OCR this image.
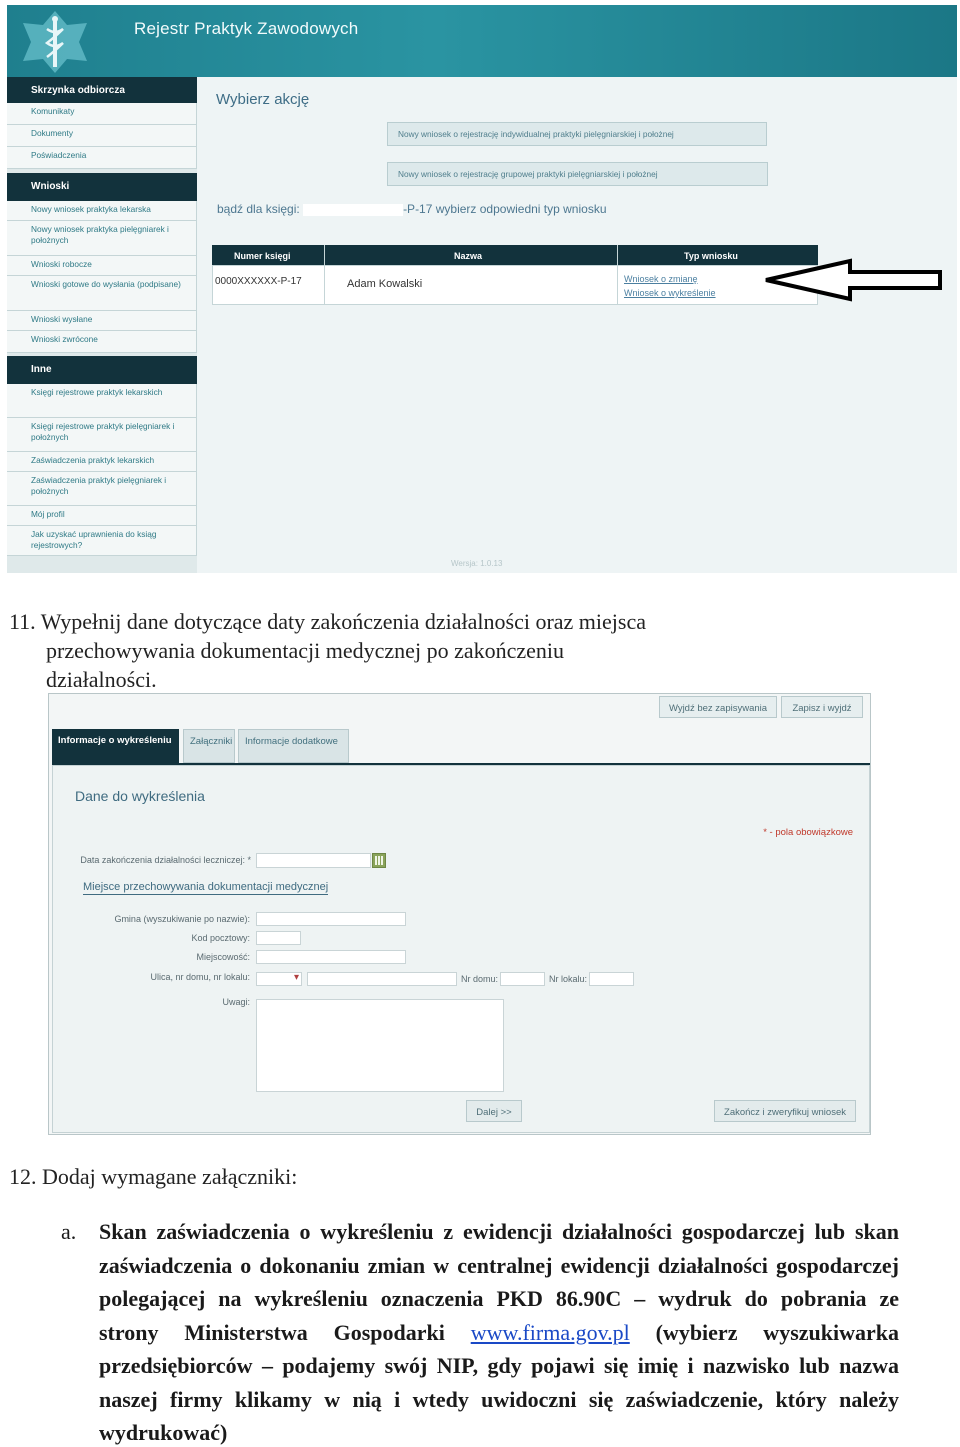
Rejestr Praktyk Zawodowych
Skrzynka odbiorcza
Komunikaty
Dokumenty
Poświadczenia
Wnioski
Nowy wniosek praktyka lekarska
Nowy wniosek praktyka pielęgniarek i położnych
Wnioski robocze
Wnioski gotowe do wysłania (podpisane)
Wnioski wysłane
Wnioski zwrócone
Inne
Księgi rejestrowe praktyk lekarskich
Księgi rejestrowe praktyk pielęgniarek i położnych
Zaświadczenia praktyk lekarskich
Zaświadczenia praktyk pielęgniarek i położnych
Mój profil
Jak uzyskać uprawnienia do ksiąg rejestrowych?
Wybierz akcję
Nowy wniosek o rejestrację indywidualnej praktyki pielęgniarskiej i położnej
Nowy wniosek o rejestrację grupowej praktyki pielęgniarskiej i położnej
bądź dla księgi:	-P-17 wybierz odpowiedni typ wniosku
Numer księgi	Nazwa	Typ wniosku
0000XXXXXX-P-17	Adam Kowalski	Wniosek o zmianę
Wniosek o wykreślenie
Wersja: 1.0.13
11. Wypełnij dane dotyczące daty zakończenia działalności oraz miejsca
przechowywania dokumentacji medycznej po zakończeniu
działalności.
Wyjdź bez zapisywania	Zapisz i wyjdź
Informacje o wykreśleniu	Załączniki	Informacje dodatkowe
Dane do wykreślenia
* - pola obowiązkowe
Data zakończenia działalności leczniczej: *
Miejsce przechowywania dokumentacji medycznej
Gmina (wyszukiwanie po nazwie):
Kod pocztowy:
Miejscowość:
Ulica, nr domu, nr lokalu:
▾	Nr domu:	Nr lokalu:
Uwagi:
Dalej >>	Zakończ i zweryfikuj wniosek
12. Dodaj wymagane załączniki:
a. Skan zaświadczenia o wykreśleniu z ewidencji działalności gospodarczej lub skan zaświadczenia o dokonaniu zmian w centralnej ewidencji działalności gospodarczej polegającej na wykreśleniu oznaczenia PKD 86.90C – wydruk do pobrania ze strony Ministerstwa Gospodarki www.firma.gov.pl (wybierz wyszukiwarka przedsiębiorców – podajemy swój NIP, gdy pojawi się imię i nazwisko lub nazwa naszej firmy klikamy w nią i wtedy uwidoczni się zaświadczenie, który należy wydrukować)
